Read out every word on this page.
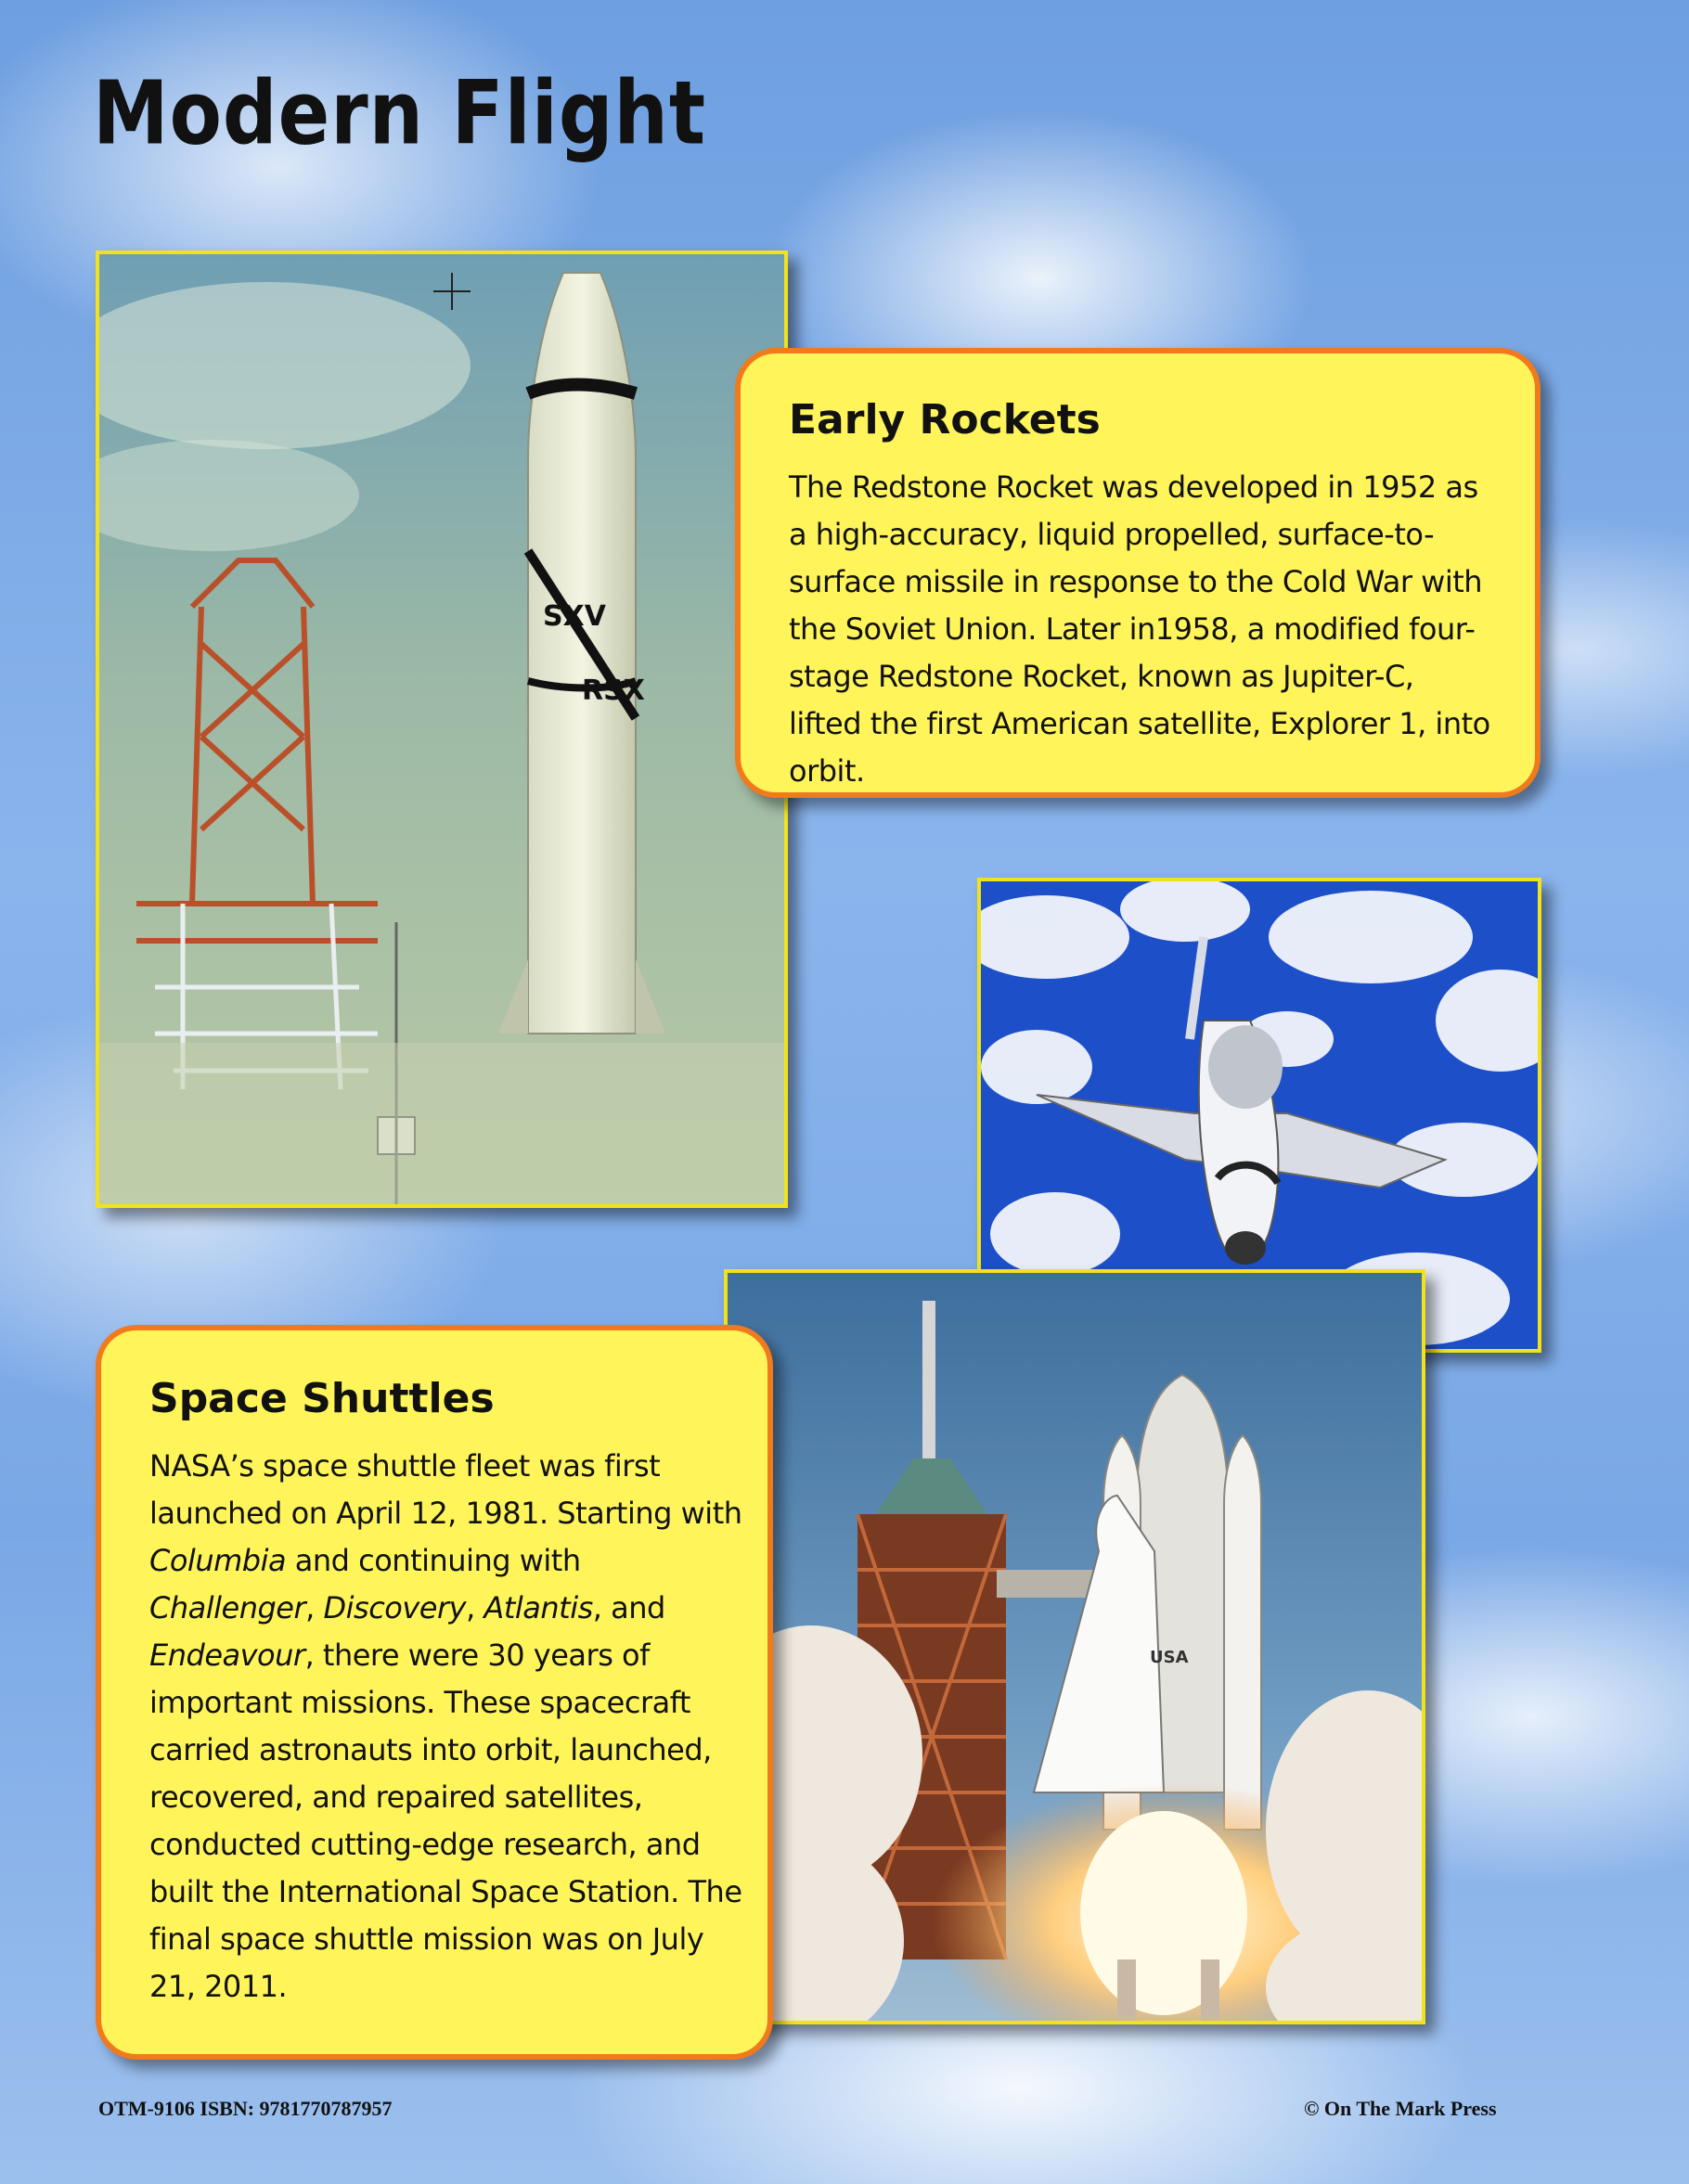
Modern Flight
SXV
RSX
Early Rockets

The Redstone Rocket was developed in 1952 as a high-accuracy, liquid propelled, surface-to-surface missile in response to the Cold War with the Soviet Union. Later in1958, a modified four-stage Redstone Rocket, known as Jupiter-C, lifted the first American satellite, Explorer 1, into orbit.

USA
Space Shuttles

NASA’s space shuttle fleet was first launched on April 12, 1981. Starting with Columbia and continuing with Challenger, Discovery, Atlantis, and Endeavour, there were 30 years of important missions. These spacecraft carried astronauts into orbit, launched, recovered, and repaired satellites, conducted cutting-edge research, and built the International Space Station. The final space shuttle mission was on July 21, 2011.

OTM-9106 ISBN: 9781770787957	© On The Mark Press
